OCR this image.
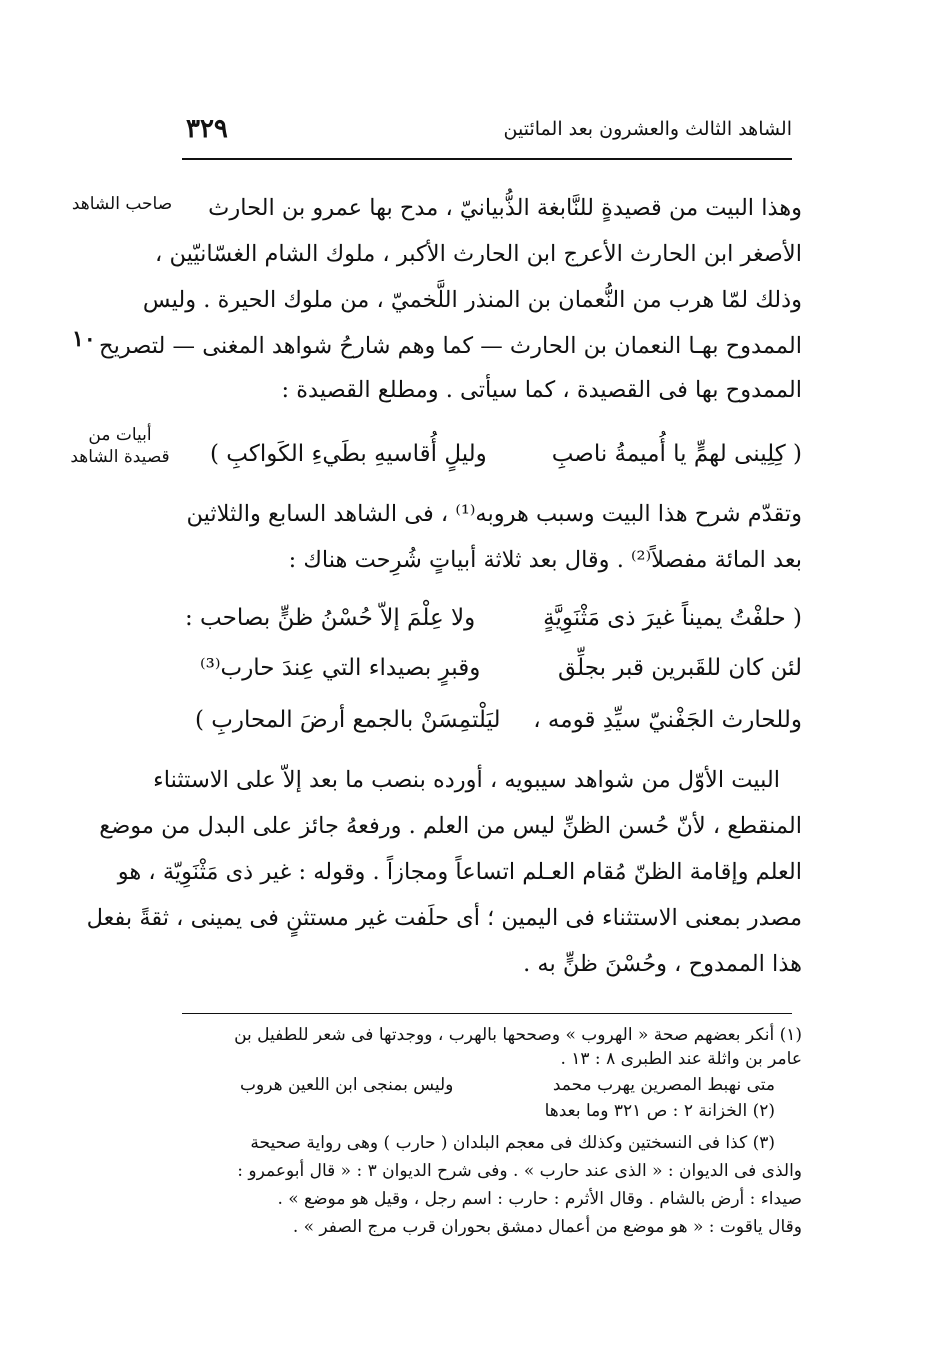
الشاهد الثالث والعشرون بعد المائتين
٣٢٩
صاحب الشاهد
١٠
أبيات من
قصيدة الشاهد
وهذا البيت من قصيدةٍ للنَّابغة الذُّبيانيّ ، مدح بها عمرو بن الحارث
الأصغر ابن الحارث الأعرج ابن الحارث الأكبر ، ملوك الشام الغسّانيّين ،
وذلك لمّا هرب من النُّعمان بن المنذر اللَّخميّ ، من ملوك الحيرة . وليس
الممدوح بهـا النعمان بن الحارث — كما وهم شارحُ شواهد المغنى — لتصريح
الممدوح بها فى القصيدة ، كما سيأتى . ومطلع القصيدة :
( كِلِينى لهمٍّ يا أُميمةُ ناصبِ
وليلٍ أُقاسيهِ بطَيءِ الكَواكبِ )
وتقدّم شرح هذا البيت وسبب هروبه⁽¹⁾ ، فى الشاهد السابع والثلاثين
بعد المائة مفصلاً⁽²⁾ . وقال بعد ثلاثة أبياتٍ شُرِحت هناك :
( حلفْتُ يميناً غيرَ ذى مَثْنَوِيَّةٍ
ولا عِلْمَ إلاّ حُسْنُ ظنٍّ بصاحب :
لئن كان للقَبرين قبر بجلِّق
وقبرٍ بصيداء التي عِندَ حارب⁽³⁾
وللحارث الجَفْنيّ سيِّدِ قومه ،
ليَلْتمِسَنْ بالجمع أرضَ المحاربِ )
البيت الأوّل من شواهد سيبويه ، أورده بنصب ما بعد إلاّ على الاستثناء
المنقطع ، لأنّ حُسن الظنِّ ليس من العلم . ورفعهُ جائز على البدل من موضع
العلم وإقامة الظنّ مُقام العـلم اتساعاً ومجازاً . وقوله : غير ذى مَثْنَوِيّة ، هو
مصدر بمعنى الاستثناء فى اليمين ؛ أى حلَفت غير مستثنٍ فى يمينى ، ثقةً بفعل
هذا الممدوح ، وحُسْنَ ظنٍّ به .
(١) أنكر بعضهم صحة « الهروب » وصححها بالهرب ، ووجدتها فى شعر للطفيل بن
عامر بن واثلة عند الطبرى ٨ : ١٣ .
متى نهبط المصرين يهرب محمد
وليس بمنجى ابن اللعين هروب
(٢) الخزانة ٢ : ص ٣٢١ وما بعدها
(٣) كذا فى النسختين وكذلك فى معجم البلدان ( حارب ) وهى رواية صحيحة
والذى فى الديوان : « الذى عند حارب » . وفى شرح الديوان ٣ : « قال أبوعمرو :
صيداء : أرض بالشام . وقال الأثرم : حارب : اسم رجل ، وقيل هو موضع » .
وقال ياقوت : « هو موضع من أعمال دمشق بحوران قرب مرج الصفر » .
